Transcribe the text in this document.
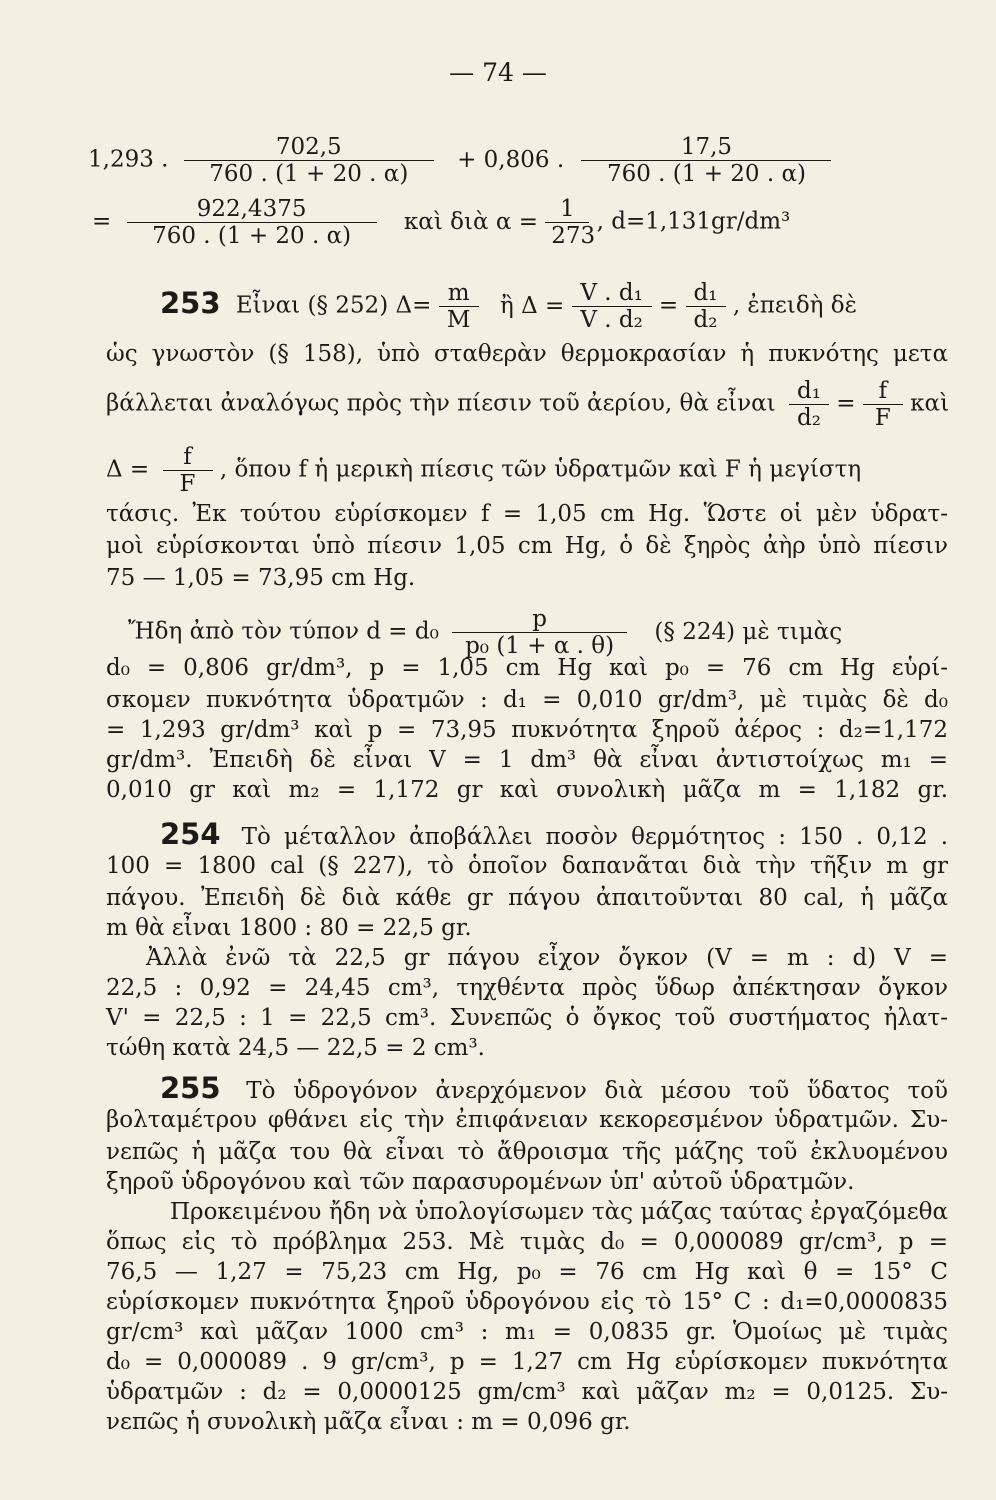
— 74 —
1,293 . $\frac{702,5}{760 . (1 + 20 . \alpha)} + 0,806$ . $\frac{17,5}{760 . (1 + 20 . \alpha)}$
= $\frac{922,4375}{760 . (1 + 20 . \alpha)}$ καὶ διὰ $\alpha = \frac{1}{273}$ , d=1,131gr/dm³
253 Εἶναι (§ 252) $\Delta= \frac{m}{M}$ ἢ $\Delta = \frac{\text{V . d₁}}{\text{V . d₂}} = \frac{\text{d₁}}{\text{d₂}}$ , ἐπειδὴ δὲ
ὡς γνωστὸν (§ 158), ὑπὸ σταθερὰν θερμοκρασίαν ἡ πυκνότης μετα
βάλλεται ἀναλόγως πρὸς τὴν πίεσιν τοῦ ἀερίου, θὰ εἶναι $\frac{\text{d₁}}{\text{d₂}} = \frac{f}{F}$ καὶ
$\Delta = \frac{f}{F}$ , ὅπου f ἡ μερικὴ πίεσις τῶν ὑδρατμῶν καὶ F ἡ μεγίστη
τάσις. Ἐκ τούτου εὑρίσκομεν f = 1,05 cm Hg. Ὥστε οἱ μὲν ὑδρατ-
μοὶ εὑρίσκονται ὑπὸ πίεσιν 1,05 cm Hg, ὁ δὲ ξηρὸς ἀὴρ ὑπὸ πίεσιν
75 — 1,05 = 73,95 cm Hg.
Ἤδη ἀπὸ τὸν τύπον $d = d_0 \frac{p}{\text{p₀ (1 + α . θ)}}$ (§ 224) μὲ τιμὰς
d₀ = 0,806 gr/dm³, p = 1,05 cm Hg καὶ p₀ = 76 cm Hg εὑρί-
σκομεν πυκνότητα ὑδρατμῶν : d₁ = 0,010 gr/dm³, μὲ τιμὰς δὲ d₀
= 1,293 gr/dm³ καὶ p = 73,95 πυκνότητα ξηροῦ ἀέρος : d₂=1,172
gr/dm³. Ἐπειδὴ δὲ εἶναι V = 1 dm³ θὰ εἶναι ἀντιστοίχως m₁ =
0,010 gr καὶ m₂ = 1,172 gr καὶ συνολικὴ μᾶζα m = 1,182 gr.
254 Τὸ μέταλλον ἀποβάλλει ποσὸν θερμότητος : 150 . 0,12 .
100 = 1800 cal (§ 227), τὸ ὁποῖον δαπανᾶται διὰ τὴν τῆξιν m gr
πάγου. Ἐπειδὴ δὲ διὰ κάθε gr πάγου ἀπαιτοῦνται 80 cal, ἡ μᾶζα
m θὰ εἶναι 1800 : 80 = 22,5 gr.
Ἀλλὰ ἐνῶ τὰ 22,5 gr πάγου εἶχον ὄγκον (V = m : d) V =
22,5 : 0,92 = 24,45 cm³, τηχθέντα πρὸς ὕδωρ ἀπέκτησαν ὄγκον
V' = 22,5 : 1 = 22,5 cm³. Συνεπῶς ὁ ὄγκος τοῦ συστήματος ἠλατ-
τώθη κατὰ 24,5 — 22,5 = 2 cm³.
255 Τὸ ὑδρογόνον ἀνερχόμενον διὰ μέσου τοῦ ὕδατος τοῦ
βολταμέτρου φθάνει εἰς τὴν ἐπιφάνειαν κεκορεσμένον ὑδρατμῶν. Συ-
νεπῶς ἡ μᾶζα του θὰ εἶναι τὸ ἄθροισμα τῆς μάζης τοῦ ἐκλυομένου
ξηροῦ ὑδρογόνου καὶ τῶν παρασυρομένων ὑπ' αὐτοῦ ὑδρατμῶν.
Προκειμένου ἤδη νὰ ὑπολογίσωμεν τὰς μάζας ταύτας ἐργαζόμεθα
ὅπως εἰς τὸ πρόβλημα 253. Μὲ τιμὰς d₀ = 0,000089 gr/cm³, p =
76,5 — 1,27 = 75,23 cm Hg, p₀ = 76 cm Hg καὶ θ = 15° C
εὑρίσκομεν πυκνότητα ξηροῦ ὑδρογόνου εἰς τὸ 15° C : d₁=0,0000835
gr/cm³ καὶ μᾶζαν 1000 cm³ : m₁ = 0,0835 gr. Ὁμοίως μὲ τιμὰς
d₀ = 0,000089 . 9 gr/cm³, p = 1,27 cm Hg εὑρίσκομεν πυκνότητα
ὑδρατμῶν : d₂ = 0,0000125 gm/cm³ καὶ μᾶζαν m₂ = 0,0125. Συ-
νεπῶς ἡ συνολικὴ μᾶζα εἶναι : m = 0,096 gr.
